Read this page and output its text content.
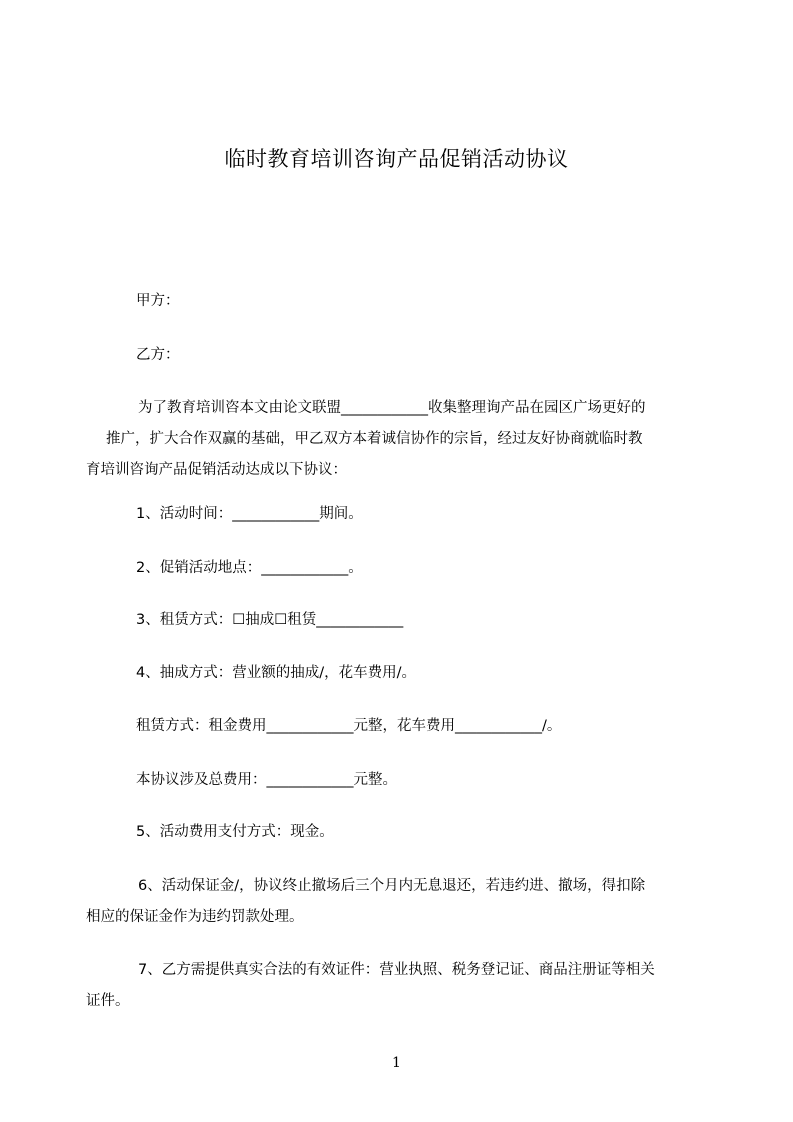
临时教育培训咨询产品促销活动协议
甲方：
乙方：
为了教育培训咨本文由论文联盟____________收集整理询产品在园区广场更好的
推广，扩大合作双赢的基础，甲乙双方本着诚信协作的宗旨，经过友好协商就临时教
育培训咨询产品促销活动达成以下协议：
1、活动时间：____________期间。
2、促销活动地点：____________。
3、租赁方式：☐抽成☐租赁____________
4、抽成方式：营业额的抽成/，花车费用/。
租赁方式：租金费用____________元整，花车费用____________/。
本协议涉及总费用：____________元整。
5、活动费用支付方式：现金。
6、活动保证金/，协议终止撤场后三个月内无息退还，若违约进、撤场，得扣除
相应的保证金作为违约罚款处理。
7、乙方需提供真实合法的有效证件：营业执照、税务登记证、商品注册证等相关
证件。
1
